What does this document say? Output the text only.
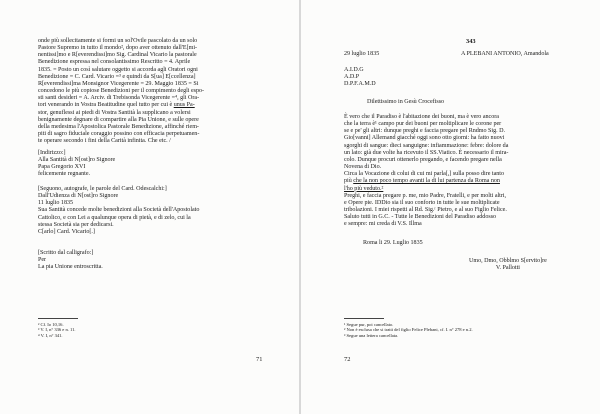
onde più sollecitamente si formi un sol'Ovile pascolato da un solo
Pastore Supremo in tutto il mondo², dopo aver ottenuto dall'E[mi-
nentissi]mo e R[everendissi]mo Sig. Cardinal Vicario la pastorale
Benedizione espressa nel consolantissimo Rescritto = 4. Aprile
1835. = Posto un così salutare oggetto si accorda agli Oratori ogni
Benedizione = C. Card. Vicario =³ e quindi da S[ua] E[ccellenza]
R[everendissi]ma Monsignor Vicegerente = 29. Maggio 1835 = Si
concedono le più copiose Benedizioni per il compimento degli espo-
sti santi desideri = A. Arciv. di Trebisonda Vicegerente =⁴, gli Ora-
tori venerando in Vostra Beatitudine quel tutto per cui è unus Pa-
stor, genuflessi ai piedi di Vostra Santità la supplicano a volersi
benignamente degnare di compartire alla Pia Unione, e sulle opere
della medesima l'Apostolica Pastorale Benedizione, affinché riem-
piti di sagro fiduciale coraggio possino con efficacia perpetuamen-
te operare secondo i fini della Carità infinita. Che etc. /
[Indirizzo:]
Alla Santità di N[ost]ro Signore
Papa Gregorio XVI
felicemente regnante.
[Seguono, autografe, le parole del Card. Odescalchi:]
Dall'Udienza di N[ost]ro Signore
11 luglio 1835
Sua Santità concede molte benedizioni alla Società dell'Apostolato
Cattolico, e con Lei a qualunque opera di pietà, e di zelo, cui la
stessa Società sia per dedicarsi.
C[arlo] Card. Vicario[.]
[Scritto dal calligrafo:]
Per
La pia Unione entroscritta.
² Cf. Io 10,16.
³ V. I, n° 336 e n. 11.
⁴ V. I, n° 341.
71
343
29 luglio 1835	A PLEBANI ANTONIO, Amandola
A.I.D.G
A.D.P
D.P.F.A.M.D
Dilettissimo in Gesù Crocefisso
È vero che il Paradiso è l'abitazione dei buoni, ma è vero ancora
che la terra è¹ campo pur dei buoni per moltiplicare le corone per
se e pe' gli altri: dunque preghi e faccia pregare pel Rndmo Sig. D.
Gio[vanni] Allemand giacché oggi sono otto giorni: ha fatto nuovi
sgorghi di sangue: dieci sanguigne: infiammazione: febre: dolore da
un lato: già due volte ha ricevuto il SS.Viatico. È necessario il mira-
colo. Dunque procuri ottenerlo pregando, e facendo pregare nella
Novena di Dio.
Circa la Vocazione di colui di cui mi parla[,] sulla posso dire tanto
più che la non poco tempo avanti la di lui partenza da Roma non
l'ho più veduto.²
Preghi, e faccia pregare p. me, mio Padre, Fratelli, e per molti altri,
e Opere pie. IDDio sia il suo conforto in tutte le sue moltiplicate
tribolazioni. I miei rispetti al Rd. Sig.ʳ Pietro, e al suo Figlio Felice.
Saluto tutti in G.C. - Tutte le Benedizioni del Paradiso addosso
e sempre: mi creda di V.S. Illma
Roma li 29. Luglio 1835
Umo, Dmo, Obblmo S[ervito]re
V. Pallotti
¹ Segue pur, poi cancellato.
² Non è esclusa che si tratti del figlio Felice Plebani, cf. I. n° 278 e n.2.
³ Segue una lettera cancellata.
72
